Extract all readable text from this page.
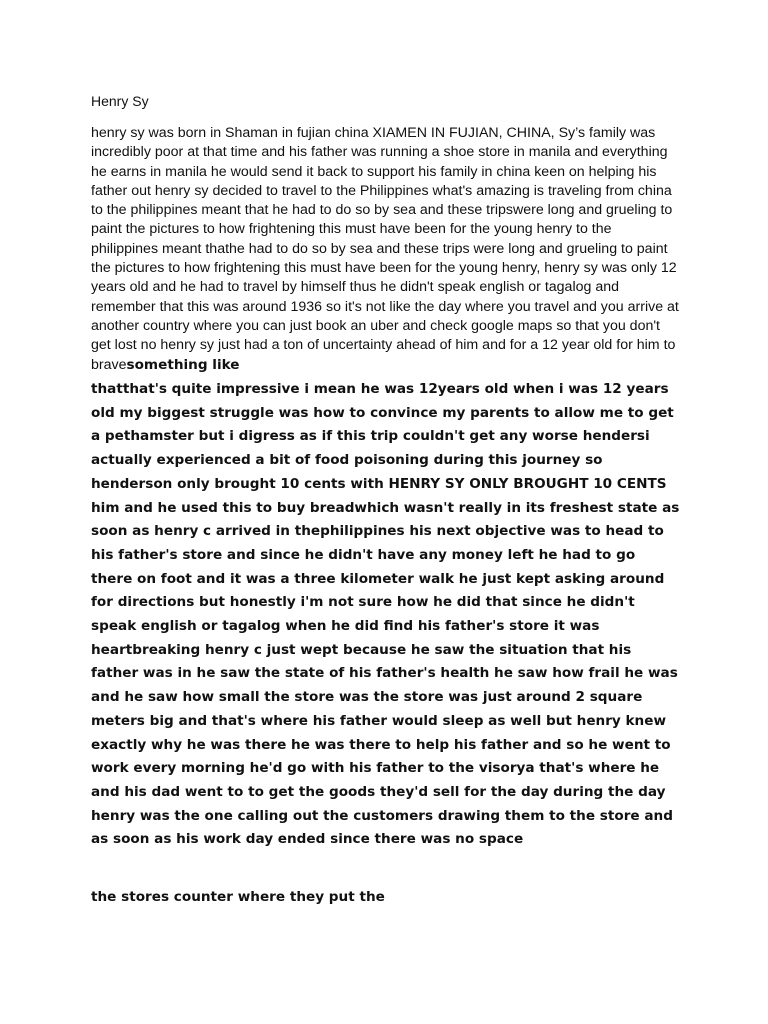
Henry Sy

henry sy was born in Shaman in fujian china XIAMEN IN FUJIAN, CHINA, Sy’s family was incredibly poor at that time and his father was running a shoe store in manila and everything he earns in manila he would send it back to support his family in china keen on helping his father out henry sy decided to travel to the Philippines what's amazing is traveling from china to the philippines meant that he had to do so by sea and these tripswere long and grueling to paint the pictures to how frightening this must have been for the young henry to the philippines meant thathe had to do so by sea and these trips were long and grueling to paint the pictures to how frightening this must have been for the young henry, henry sy was only 12 years old and he had to travel by himself thus he didn't speak english or tagalog and remember that this was around 1936 so it's not like the day where you travel and you arrive at another country where you can just book an uber and check google maps so that you don't get lost no henry sy just had a ton of uncertainty ahead of him and for a 12 year old for him to bravesomething like

thatthat's quite impressive i mean he was 12years old when i was 12 years old my biggest struggle was how to convince my parents to allow me to get a pethamster but i digress as if this trip couldn't get any worse hendersi actually experienced a bit of food poisoning during this journey so henderson only brought 10 cents with HENRY SY ONLY BROUGHT 10 CENTS him and he used this to buy breadwhich wasn't really in its freshest state as soon as henry c arrived in thephilippines his next objective was to head to his father's store and since he didn't have any money left he had to go there on foot and it was a three kilometer walk he just kept asking around for directions but honestly i'm not sure how he did that since he didn't speak english or tagalog when he did find his father's store it was heartbreaking henry c just wept because he saw the situation that his father was in he saw the state of his father's health he saw how frail he was and he saw how small the store was the store was just around 2 square meters big and that's where his father would sleep as well but henry knew exactly why he was there he was there to help his father and so he went to work every morning he'd go with his father to the visorya that's where he and his dad went to to get the goods they'd sell for the day during the day henry was the one calling out the customers drawing them to the store and as soon as his work day ended since there was no space

the stores counter where they put the
